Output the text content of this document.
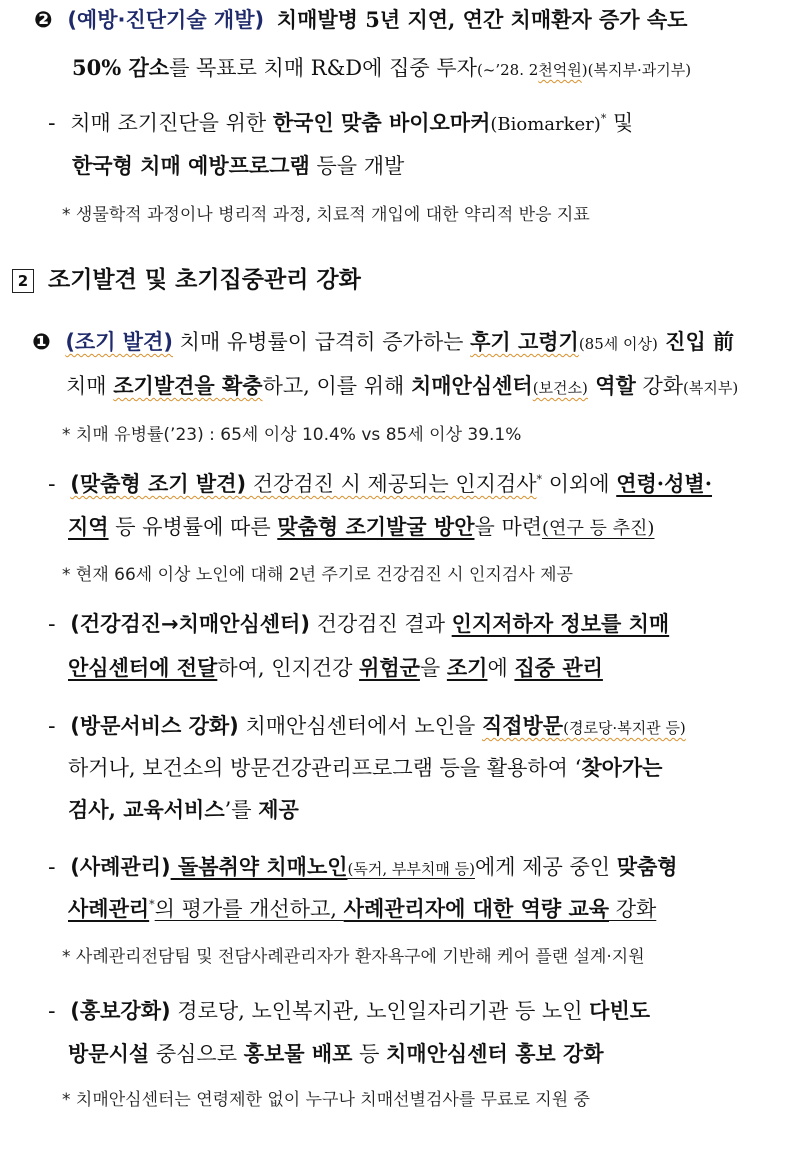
❷ (예방·진단기술 개발) 치매발병 5년 지연, 연간 치매환자 증가 속도
50% 감소를 목표로 치매 R&D에 집중 투자(~’28. 2천억원)(복지부·과기부)
- 치매 조기진단을 위한 한국인 맞춤 바이오마커(Biomarker)* 및
한국형 치매 예방프로그램 등을 개발
* 생물학적 과정이나 병리적 과정, 치료적 개입에 대한 약리적 반응 지표
2 조기발견 및 초기집중관리 강화
❶ (조기 발견) 치매 유병률이 급격히 증가하는 후기 고령기(85세 이상) 진입 前
치매 조기발견을 확충하고, 이를 위해 치매안심센터(보건소) 역할 강화(복지부)
* 치매 유병률(’23) : 65세 이상 10.4% vs 85세 이상 39.1%
- (맞춤형 조기 발견) 건강검진 시 제공되는 인지검사* 이외에 연령·성별·
지역 등 유병률에 따른 맞춤형 조기발굴 방안을 마련(연구 등 추진)
* 현재 66세 이상 노인에 대해 2년 주기로 건강검진 시 인지검사 제공
- (건강검진→치매안심센터) 건강검진 결과 인지저하자 정보를 치매
안심센터에 전달하여, 인지건강 위험군을 조기에 집중 관리
- (방문서비스 강화) 치매안심센터에서 노인을 직접방문(경로당·복지관 등)
하거나, 보건소의 방문건강관리프로그램 등을 활용하여 ‘찾아가는
검사, 교육서비스’를 제공
- (사례관리) 돌봄취약 치매노인(독거, 부부치매 등)에게 제공 중인 맞춤형
사례관리*의 평가를 개선하고, 사례관리자에 대한 역량 교육 강화
* 사례관리전담팀 및 전담사례관리자가 환자욕구에 기반해 케어 플랜 설계·지원
- (홍보강화) 경로당, 노인복지관, 노인일자리기관 등 노인 다빈도
방문시설 중심으로 홍보물 배포 등 치매안심센터 홍보 강화
* 치매안심센터는 연령제한 없이 누구나 치매선별검사를 무료로 지원 중
